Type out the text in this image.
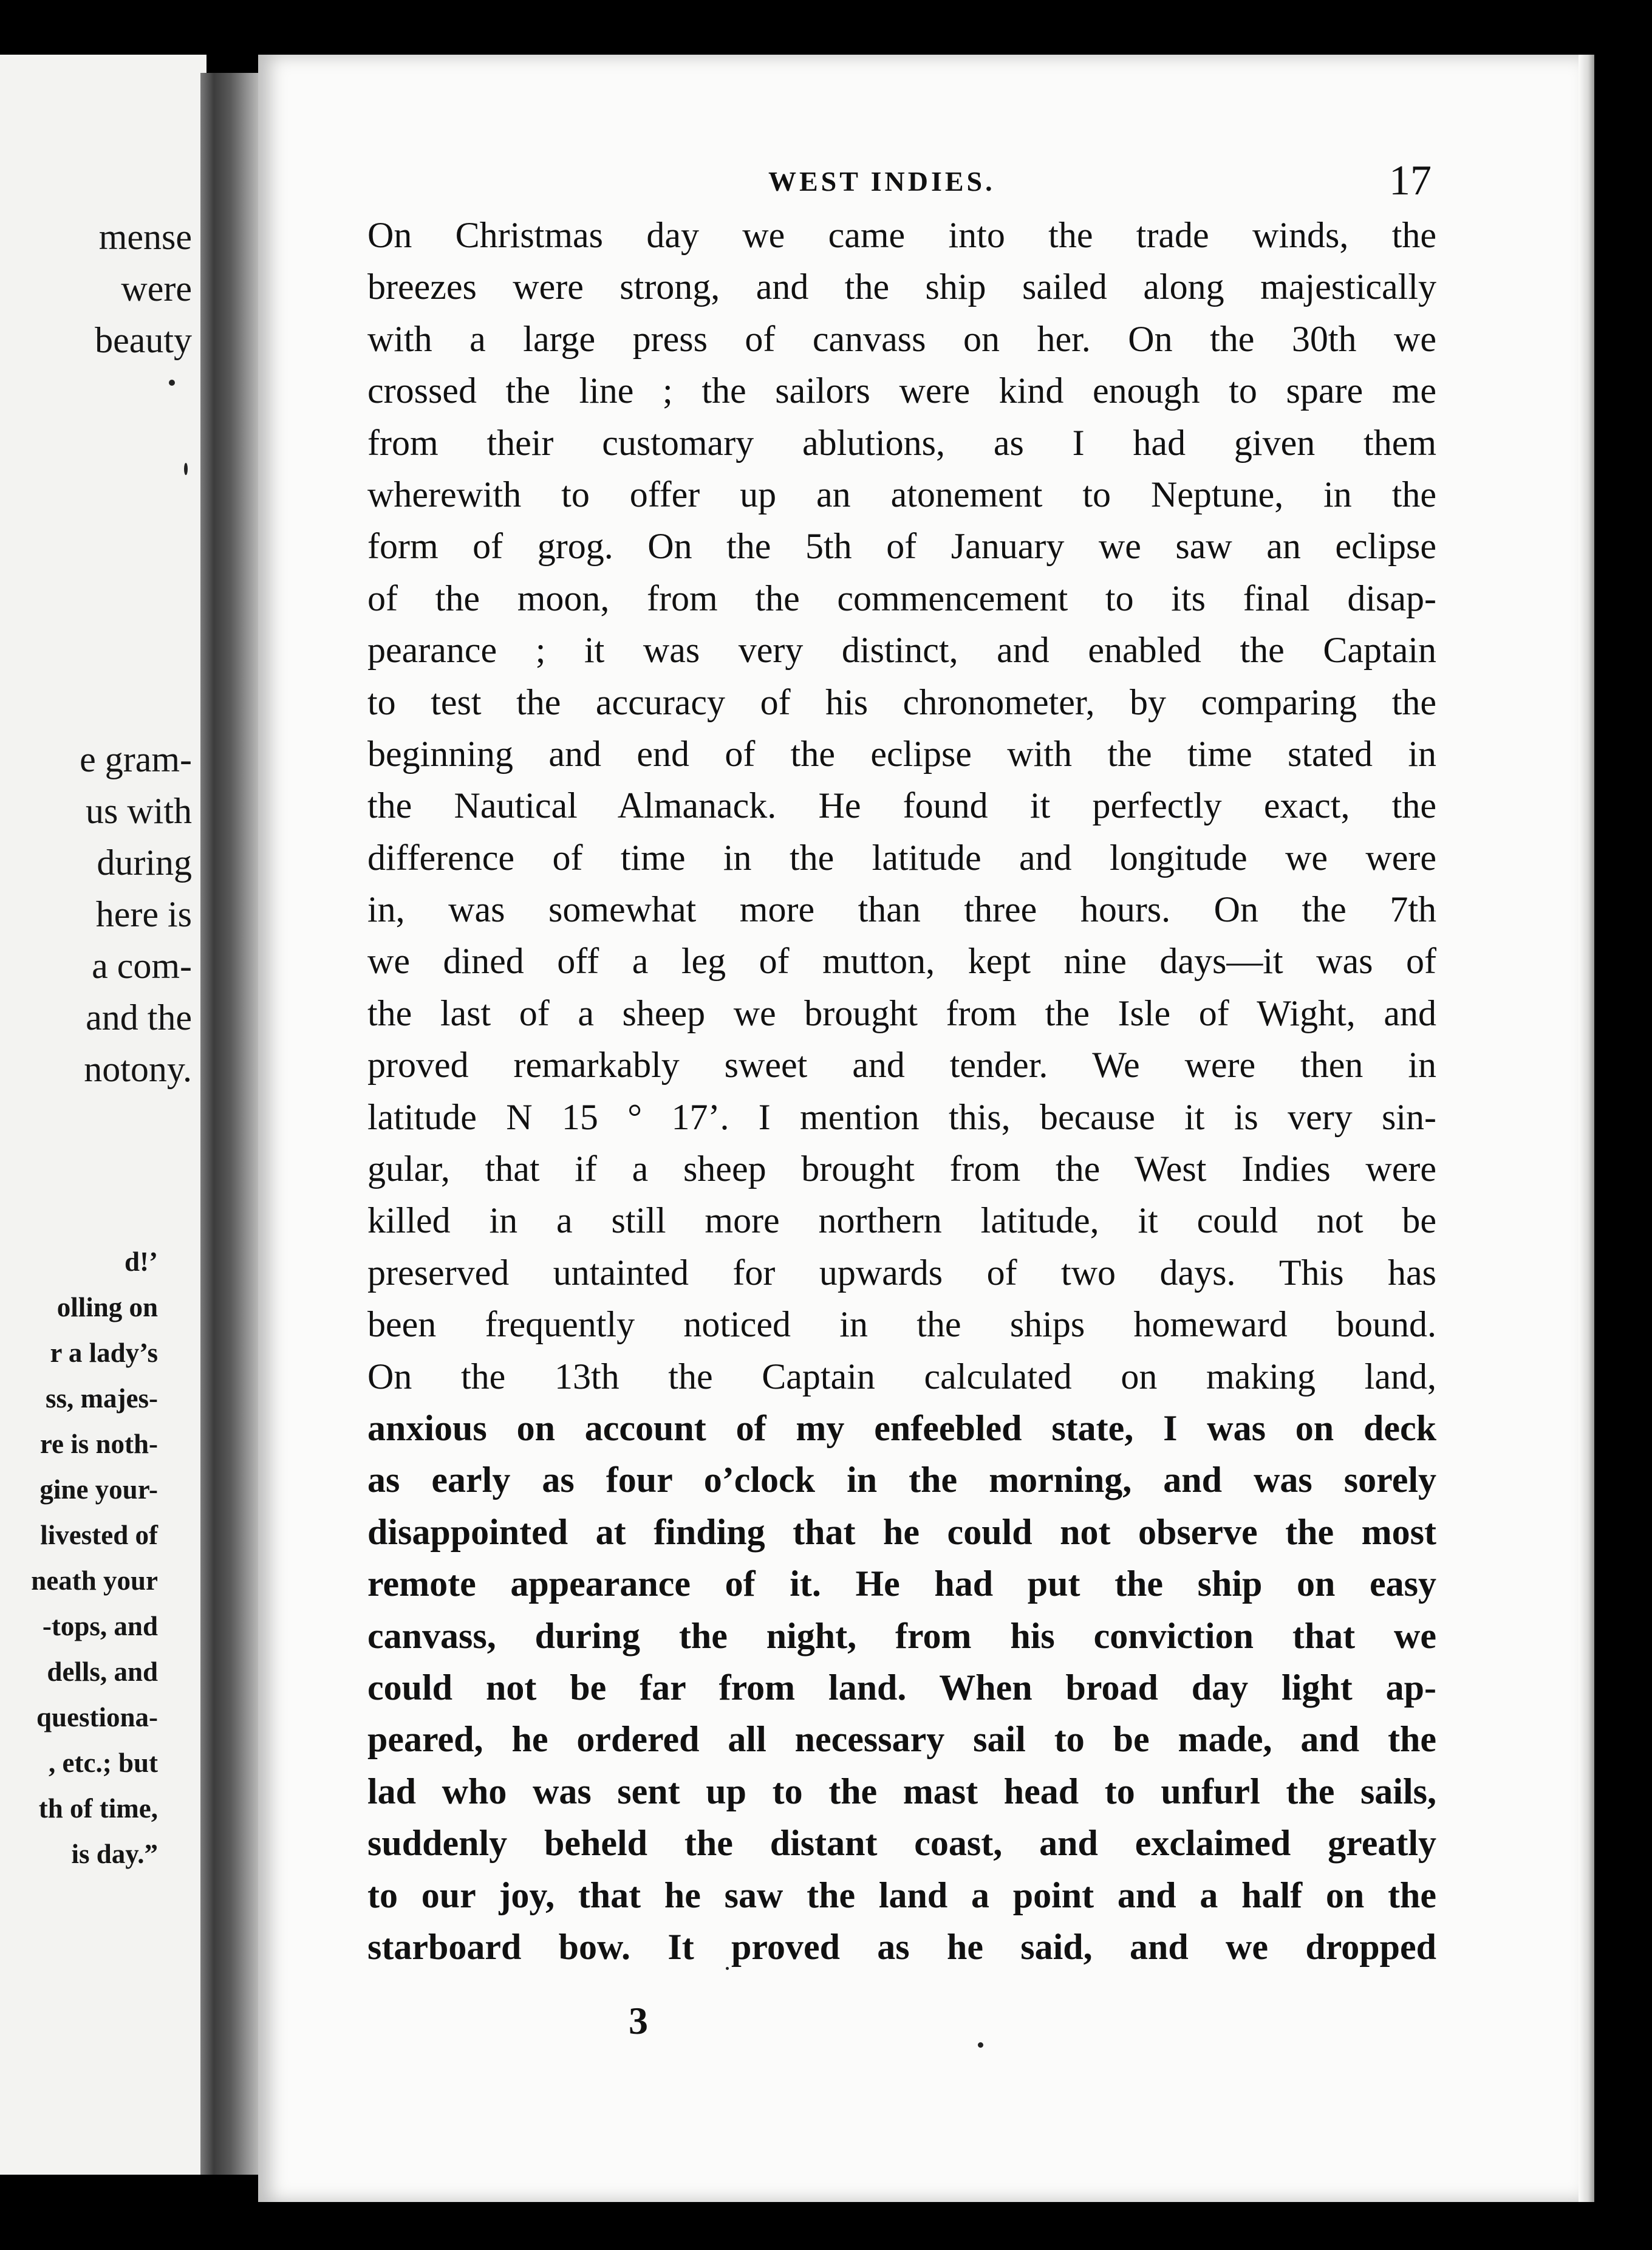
mense
were
beauty
e gram-
us with
during
here is
a com-
and the
notony.
d!’
olling on
r a lady’s
ss, majes-
re is noth-
gine your-
livested of
neath your
-tops, and
dells, and
questiona-
, etc.; but
th of time,
is day.”
WEST INDIES.	17
On Christmas day we came into the trade winds, the
breezes were strong, and the ship sailed along majestically
with a large press of canvass on her. On the 30th we
crossed the line ; the sailors were kind enough to spare me
from their customary ablutions, as I had given them
wherewith to offer up an atonement to Neptune, in the
form of grog. On the 5th of January we saw an eclipse
of the moon, from the commencement to its final disap-
pearance ; it was very distinct, and enabled the Captain
to test the accuracy of his chronometer, by comparing the
beginning and end of the eclipse with the time stated in
the Nautical Almanack. He found it perfectly exact, the
difference of time in the latitude and longitude we were
in, was somewhat more than three hours. On the 7th
we dined off a leg of mutton, kept nine days—it was of
the last of a sheep we brought from the Isle of Wight, and
proved remarkably sweet and tender. We were then in
latitude N 15 ° 17’. I mention this, because it is very sin-
gular, that if a sheep brought from the West Indies were
killed in a still more northern latitude, it could not be
preserved untainted for upwards of two days. This has
been frequently noticed in the ships homeward bound.
On the 13th the Captain calculated on making land,
anxious on account of my enfeebled state, I was on deck
as early as four o’clock in the morning, and was sorely
disappointed at finding that he could not observe the most
remote appearance of it. He had put the ship on easy
canvass, during the night, from his conviction that we
could not be far from land. When broad day light ap-
peared, he ordered all necessary sail to be made, and the
lad who was sent up to the mast head to unfurl the sails,
suddenly beheld the distant coast, and exclaimed greatly
to our joy, that he saw the land a point and a half on the
starboard bow. It proved as he said, and we dropped
3
